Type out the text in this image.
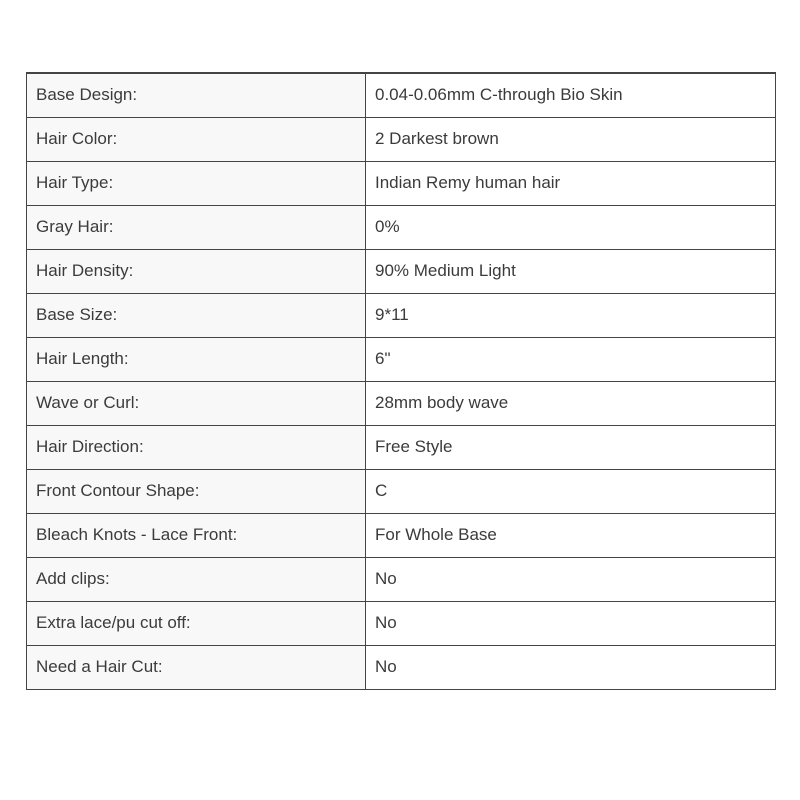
Base Design:	0.04-0.06mm C-through Bio Skin
Hair Color:	2 Darkest brown
Hair Type:	Indian Remy human hair
Gray Hair:	0%
Hair Density:	90% Medium Light
Base Size:	9*11
Hair Length:	6"
Wave or Curl:	28mm body wave
Hair Direction:	Free Style
Front Contour Shape:	C
Bleach Knots - Lace Front:	For Whole Base
Add clips:	No
Extra lace/pu cut off:	No
Need a Hair Cut:	No
